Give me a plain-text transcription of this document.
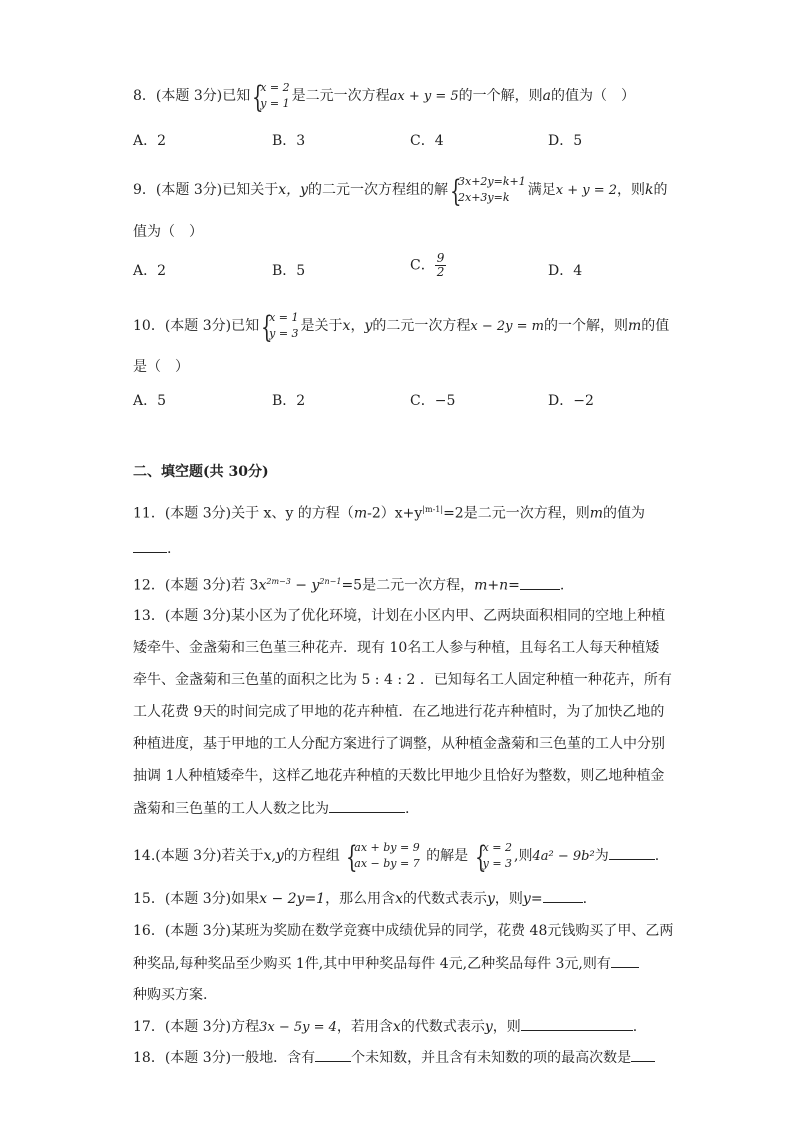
8．(本题 3分)已知 {
x = 2
y = 1 是二元一次方程ax + y = 5的一个解，则a的值为（　）
A．2	B．3	C．4	D．5
9．(本题 3分)已知关于x，y的二元一次方程组的解 {
3x+2y=k+1
2x+3y=k	满足x + y = 2，则k的
值为（　）
A．2	B．5	C． $\frac{9}{2}$	D．4
10．(本题 3分)已知 {
x = 1
y = 3 是关于x，y的二元一次方程x − 2y = m的一个解，则m的值
是（　）
A．5	B．2	C．−5	D．−2
二、填空题(共 30分)
11．(本题 3分)关于 x、y 的方程$(m-2)x+y^{|m-1|}=2$是二元一次方程，则m的值为
.
12．(本题 3分)若 $3x^{2m-3} - y^{2n-1}=5$是二元一次方程，m+n=	.
13．(本题 3分)某小区为了优化环境，计划在小区内甲、乙两块面积相同的空地上种植
矮牵牛、金盏菊和三色堇三种花卉．现有 10名工人参与种植，且每名工人每天种植矮
牵牛、金盏菊和三色堇的面积之比为 5 : 4 : 2 ．已知每名工人固定种植一种花卉，所有
工人花费 9天的时间完成了甲地的花卉种植．在乙地进行花卉种植时，为了加快乙地的
种植进度，基于甲地的工人分配方案进行了调整，从种植金盏菊和三色堇的工人中分别
抽调 1人种植矮牵牛，这样乙地花卉种植的天数比甲地少且恰好为整数，则乙地种植金
盏菊和三色堇的工人人数之比为	.
14.(本题 3分)若关于x,y的方程组 {
ax + by = 9
ax − by = 7 的解是 {
x = 2
y = 3 ,则4a² − 9b²为	.
15．(本题 3分)如果x − 2y=1，那么用含x的代数式表示y，则y=	.
16．(本题 3分)某班为奖励在数学竞赛中成绩优异的同学，花费 48元钱购买了甲、乙两
种奖品,每种奖品至少购买 1件,其中甲种奖品每件 4元,乙种奖品每件 3元,则有
种购买方案.
17．(本题 3分)方程3x − 5y = 4，若用含x的代数式表示y，则	.
18．(本题 3分)一般地．含有	个未知数，并且含有未知数的项的最高次数是
